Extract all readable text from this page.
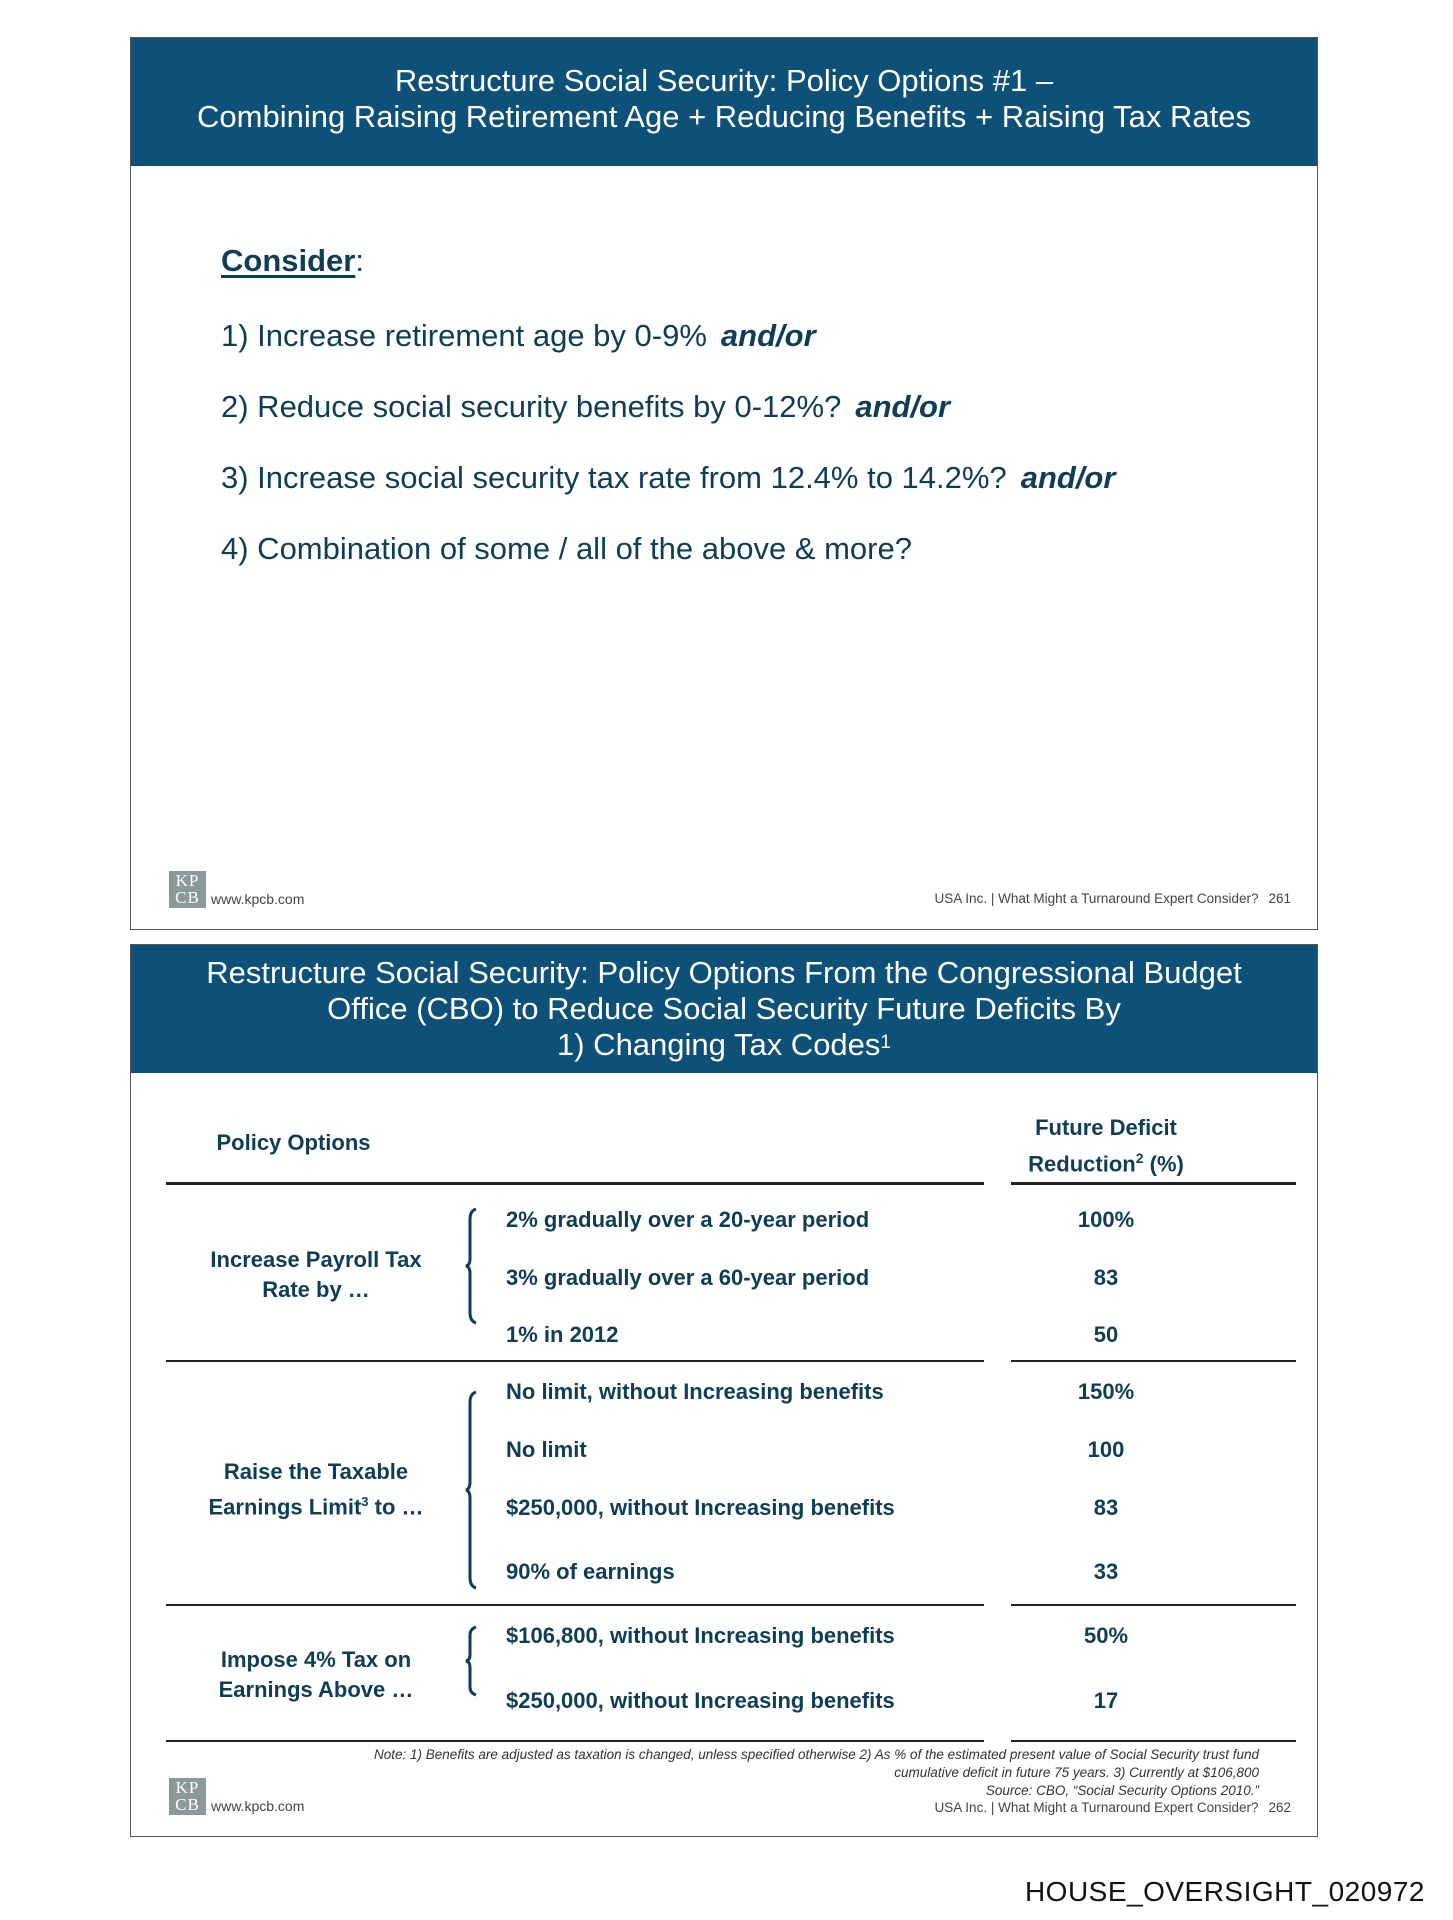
Restructure Social Security: Policy Options #1 –
Combining Raising Retirement Age + Reducing Benefits + Raising Tax Rates
Consider:
1) Increase retirement age by 0-9% and/or
2) Reduce social security benefits by 0-12%? and/or
3) Increase social security tax rate from 12.4% to 14.2%? and/or
4) Combination of some / all of the above & more?
KP
CB www.kpcb.com	USA Inc. | What Might a Turnaround Expert Consider? 261
Restructure Social Security: Policy Options From the Congressional Budget
Office (CBO) to Reduce Social Security Future Deficits By
1) Changing Tax Codes$^1$
Policy Options
Future Deficit
Reduction$^2$ (%)
Increase Payroll Tax
Rate by …
2% gradually over a 20-year period	100%
3% gradually over a 60-year period	83
1% in 2012	50
Raise the Taxable
Earnings Limit$^3$ to …
No limit, without Increasing benefits	150%
No limit	100
$250,000, without Increasing benefits	83
90% of earnings	33
Impose 4% Tax on
Earnings Above …
$106,800, without Increasing benefits	50%
$250,000, without Increasing benefits	17
Note: 1) Benefits are adjusted as taxation is changed, unless specified otherwise 2) As % of the estimated present value of Social Security trust fund
cumulative deficit in future 75 years. 3) Currently at $106,800
Source: CBO, “Social Security Options 2010.”
KP
CB www.kpcb.com	USA Inc. | What Might a Turnaround Expert Consider? 262
HOUSE_OVERSIGHT_020972
